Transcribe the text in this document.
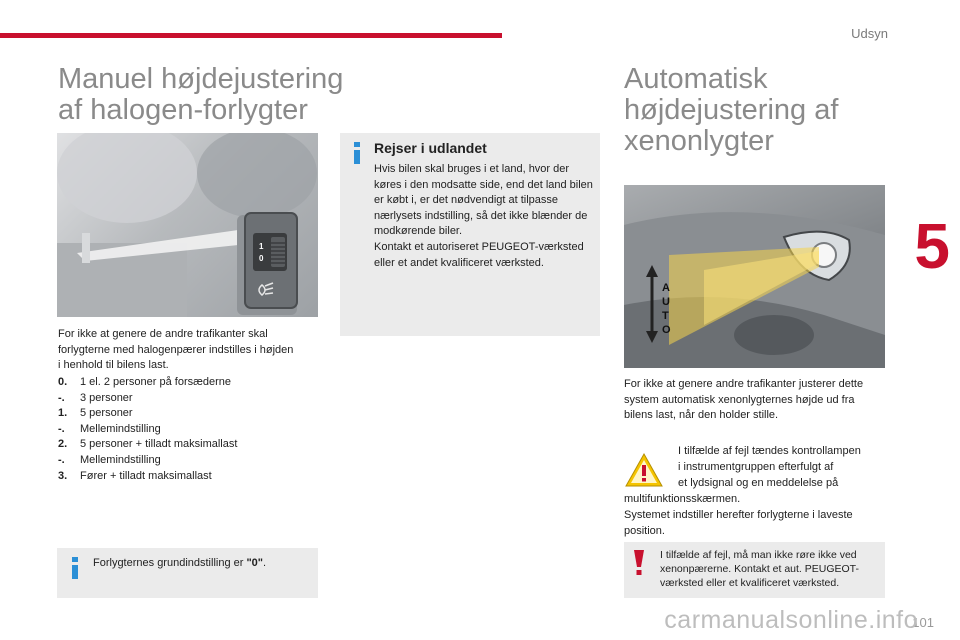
Udsyn
5
Manuel højdejustering af halogen-forlygter
1
0
For ikke at genere de andre trafikanter skal forlygterne med halogenpærer indstilles i højden i henhold til bilens last.
0.	1 el. 2 personer på forsæderne
-.	3 personer
1.	5 personer
-.	Mellemindstilling
2.	5 personer + tilladt maksimallast
-.	Mellemindstilling
3.	Fører + tilladt maksimallast
Forlygternes grundindstilling er "0".
Rejser i udlandet
Hvis bilen skal bruges i et land, hvor der køres i den modsatte side, end det land bilen er købt i, er det nødvendigt at tilpasse nærlysets indstilling, så det ikke blænder de modkørende biler.
Kontakt et autoriseret PEUGEOT-værksted eller et andet kvalificeret værksted.
Automatisk højdejustering af xenonlygter
A
U
T
O
For ikke at genere andre trafikanter justerer dette system automatisk xenonlygternes højde ud fra bilens last, når den holder stille.
I tilfælde af fejl tændes kontrollampen
i instrumentgruppen efterfulgt af
et lydsignal og en meddelelse på
multifunktionsskærmen.
Systemet indstiller herefter forlygterne i laveste position.
I tilfælde af fejl, må man ikke røre ikke ved xenonpærerne. Kontakt et aut. PEUGEOT-værksted eller et kvalificeret værksted.
101
carmanualsonline.info
